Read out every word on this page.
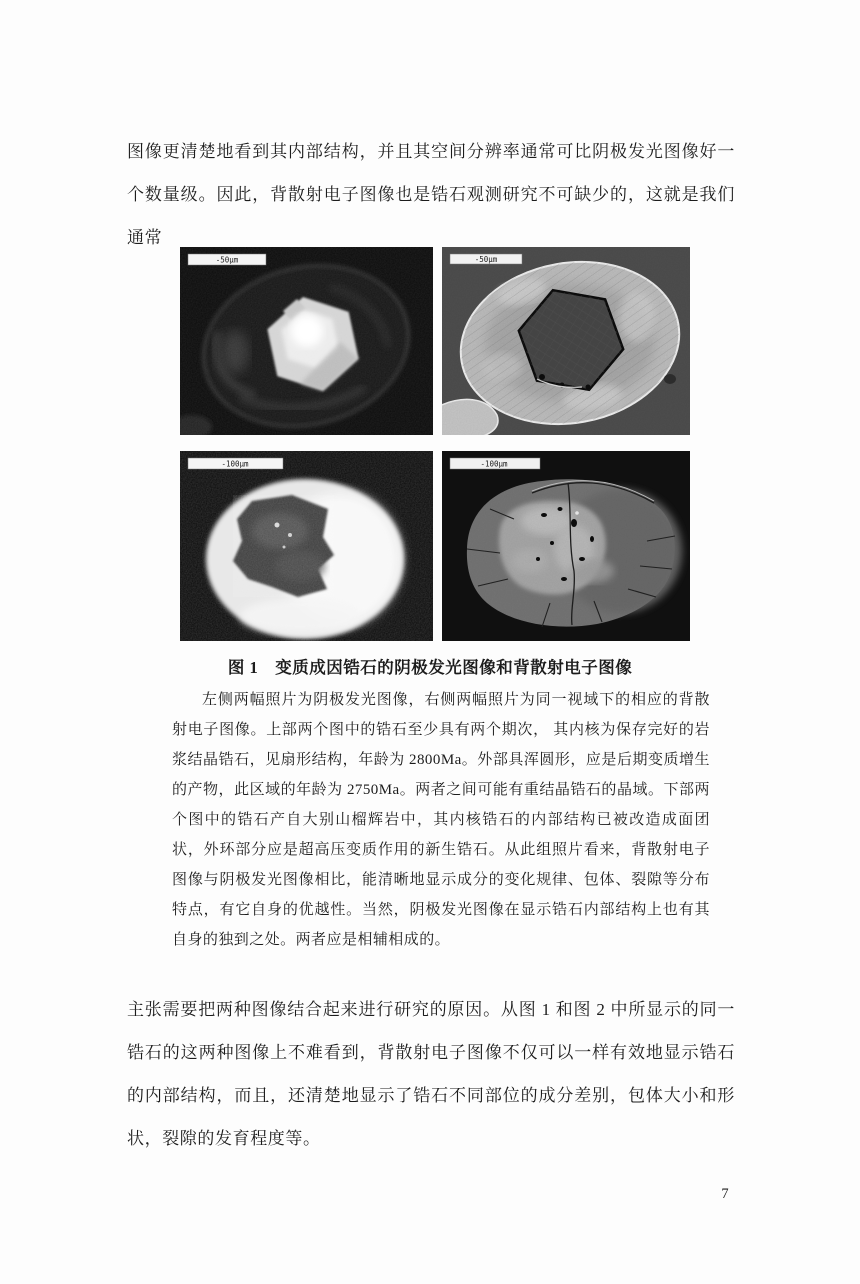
图像更清楚地看到其内部结构，并且其空间分辨率通常可比阴极发光图像好一个数量级。因此，背散射电子图像也是锆石观测研究不可缺少的，这就是我们通常
-50μm	-50μm
-100μm	-100μm
图 1　变质成因锆石的阴极发光图像和背散射电子图像
左侧两幅照片为阴极发光图像，右侧两幅照片为同一视域下的相应的背散射电子图像。上部两个图中的锆石至少具有两个期次， 其内核为保存完好的岩浆结晶锆石，见扇形结构，年龄为 2800Ma。外部具浑圆形，应是后期变质增生的产物，此区域的年龄为 2750Ma。两者之间可能有重结晶锆石的晶域。下部两个图中的锆石产自大别山榴辉岩中，其内核锆石的内部结构已被改造成面团状，外环部分应是超高压变质作用的新生锆石。从此组照片看来，背散射电子图像与阴极发光图像相比，能清晰地显示成分的变化规律、包体、裂隙等分布特点，有它自身的优越性。当然，阴极发光图像在显示锆石内部结构上也有其自身的独到之处。两者应是相辅相成的。
主张需要把两种图像结合起来进行研究的原因。从图 1 和图 2 中所显示的同一锆石的这两种图像上不难看到，背散射电子图像不仅可以一样有效地显示锆石的内部结构，而且，还清楚地显示了锆石不同部位的成分差别，包体大小和形状，裂隙的发育程度等。
7
